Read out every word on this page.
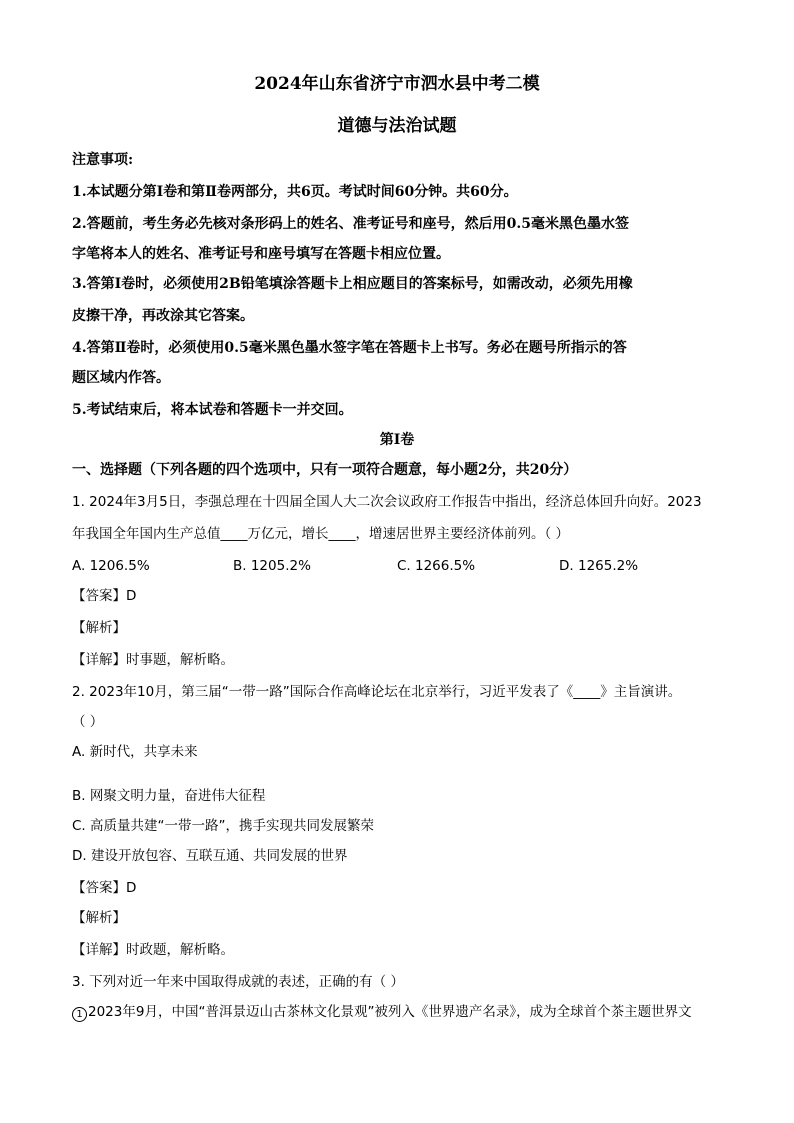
2024年山东省济宁市泗水县中考二模
道德与法治试题
注意事项:
1.本试题分第Ⅰ卷和第Ⅱ卷两部分，共6页。考试时间60分钟。共60分。
2.答题前，考生务必先核对条形码上的姓名、准考证号和座号，然后用0.5毫米黑色墨水签
字笔将本人的姓名、准考证号和座号填写在答题卡相应位置。
3.答第Ⅰ卷时，必须使用2B铅笔填涂答题卡上相应题目的答案标号，如需改动，必须先用橡
皮擦干净，再改涂其它答案。
4.答第Ⅱ卷时，必须使用0.5毫米黑色墨水签字笔在答题卡上书写。务必在题号所指示的答
题区域内作答。
5.考试结束后，将本试卷和答题卡一并交回。
第Ⅰ卷
一、选择题（下列各题的四个选项中，只有一项符合题意，每小题2分，共20分）
1. 2024年3月5日，李强总理在十四届全国人大二次会议政府工作报告中指出，经济总体回升向好。2023
年我国全年国内生产总值____万亿元，增长____，增速居世界主要经济体前列。（ ）
A. 1206.5%	B. 1205.2%	C. 1266.5%	D. 1265.2%
【答案】D
【解析】
【详解】时事题，解析略。
2. 2023年10月，第三届“一带一路”国际合作高峰论坛在北京举行，习近平发表了《____》主旨演讲。
（ ）
A. 新时代，共享未来
B. 网聚文明力量，奋进伟大征程
C. 高质量共建“一带一路”，携手实现共同发展繁荣
D. 建设开放包容、互联互通、共同发展的世界
【答案】D
【解析】
【详解】时政题，解析略。
3. 下列对近一年来中国取得成就的表述，正确的有（ ）
1 2023年9月，中国“普洱景迈山古茶林文化景观”被列入《世界遗产名录》，成为全球首个茶主题世界文
